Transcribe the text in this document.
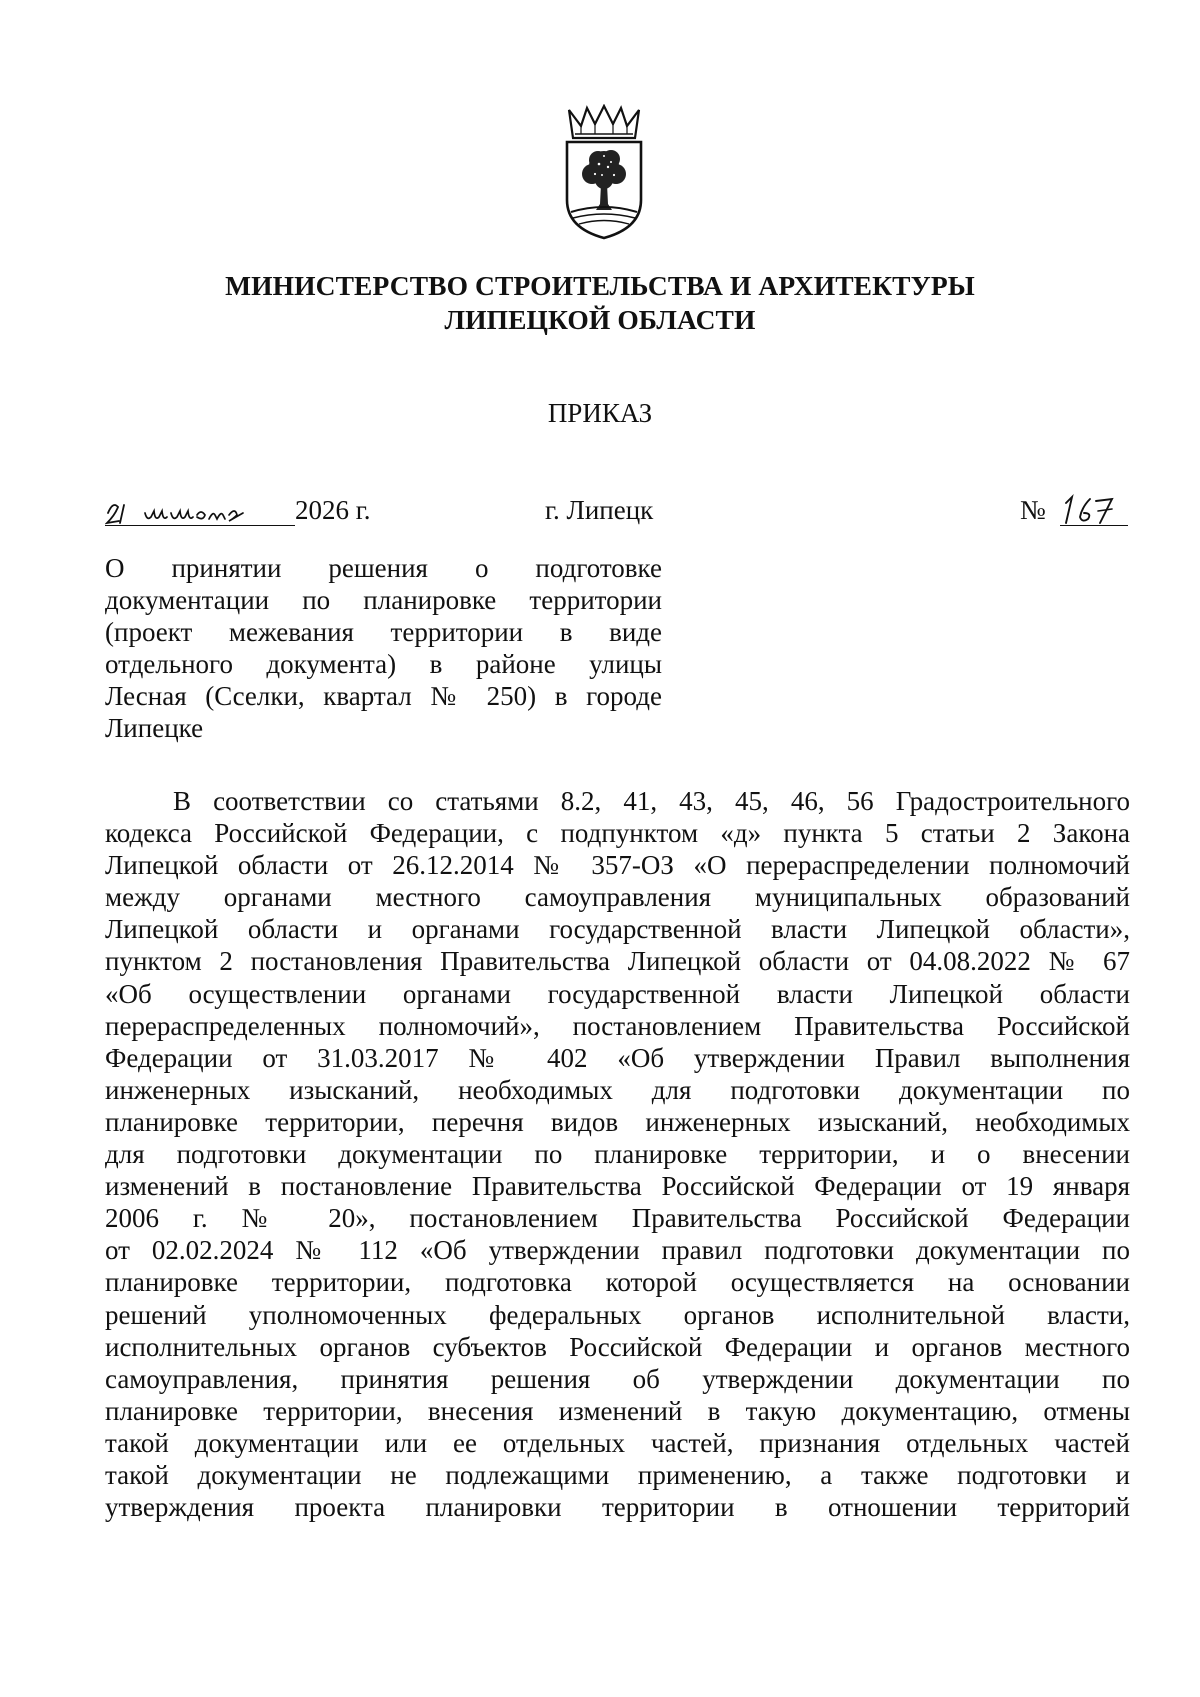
МИНИСТЕРСТВО СТРОИТЕЛЬСТВА И АРХИТЕКТУРЫ
ЛИПЕЦКОЙ ОБЛАСТИ
ПРИКАЗ
2026 г.	г. Липецк	№
О принятии решения о подготовке
документации по планировке территории
(проект межевания территории в виде
отдельного документа) в районе улицы
Лесная (Сселки, квартал № 250) в городе
Липецке
В соответствии со статьями 8.2, 41, 43, 45, 46, 56 Градостроительного
кодекса Российской Федерации, с подпунктом «д» пункта 5 статьи 2 Закона
Липецкой области от 26.12.2014 № 357-ОЗ «О перераспределении полномочий
между органами местного самоуправления муниципальных образований
Липецкой области и органами государственной власти Липецкой области»,
пунктом 2 постановления Правительства Липецкой области от 04.08.2022 № 67
«Об осуществлении органами государственной власти Липецкой области
перераспределенных полномочий», постановлением Правительства Российской
Федерации от 31.03.2017 № 402 «Об утверждении Правил выполнения
инженерных изысканий, необходимых для подготовки документации по
планировке территории, перечня видов инженерных изысканий, необходимых
для подготовки документации по планировке территории, и о внесении
изменений в постановление Правительства Российской Федерации от 19 января
2006 г. № 20», постановлением Правительства Российской Федерации
от 02.02.2024 № 112 «Об утверждении правил подготовки документации по
планировке территории, подготовка которой осуществляется на основании
решений уполномоченных федеральных органов исполнительной власти,
исполнительных органов субъектов Российской Федерации и органов местного
самоуправления, принятия решения об утверждении документации по
планировке территории, внесения изменений в такую документацию, отмены
такой документации или ее отдельных частей, признания отдельных частей
такой документации не подлежащими применению, а также подготовки и
утверждения проекта планировки территории в отношении территорий
